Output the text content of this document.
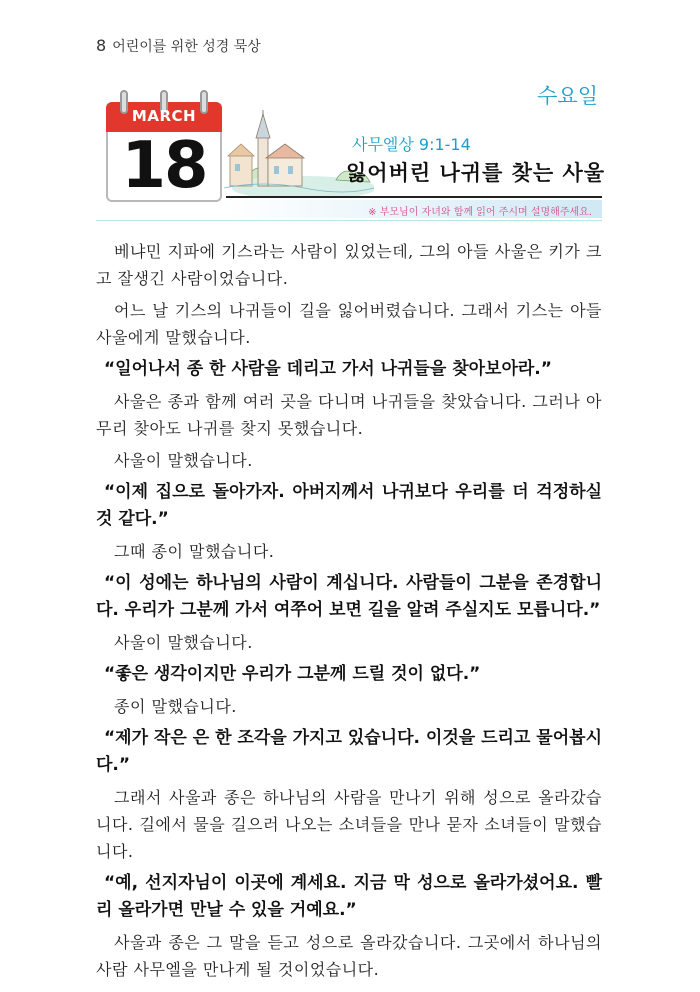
8 어린이를 위한 성경 묵상
수요일
MARCH
18	사무엘상 9:1-14
잃어버린 나귀를 찾는 사울
※ 부모님이 자녀와 함께 읽어 주시며 설명해주세요.

베냐민 지파에 기스라는 사람이 있었는데, 그의 아들 사울은 키가 크고 잘생긴 사람이었습니다.

어느 날 기스의 나귀들이 길을 잃어버렸습니다. 그래서 기스는 아들 사울에게 말했습니다.

“일어나서 종 한 사람을 데리고 가서 나귀들을 찾아보아라.”

사울은 종과 함께 여러 곳을 다니며 나귀들을 찾았습니다. 그러나 아무리 찾아도 나귀를 찾지 못했습니다.

사울이 말했습니다.

“이제 집으로 돌아가자. 아버지께서 나귀보다 우리를 더 걱정하실 것 같다.”

그때 종이 말했습니다.

“이 성에는 하나님의 사람이 계십니다. 사람들이 그분을 존경합니다. 우리가 그분께 가서 여쭈어 보면 길을 알려 주실지도 모릅니다.”

사울이 말했습니다.

“좋은 생각이지만 우리가 그분께 드릴 것이 없다.”

종이 말했습니다.

“제가 작은 은 한 조각을 가지고 있습니다. 이것을 드리고 물어봅시다.”

그래서 사울과 종은 하나님의 사람을 만나기 위해 성으로 올라갔습니다. 길에서 물을 길으러 나오는 소녀들을 만나 묻자 소녀들이 말했습니다.

“예, 선지자님이 이곳에 계세요. 지금 막 성으로 올라가셨어요. 빨리 올라가면 만날 수 있을 거예요.”

사울과 종은 그 말을 듣고 성으로 올라갔습니다. 그곳에서 하나님의 사람 사무엘을 만나게 될 것이었습니다.
